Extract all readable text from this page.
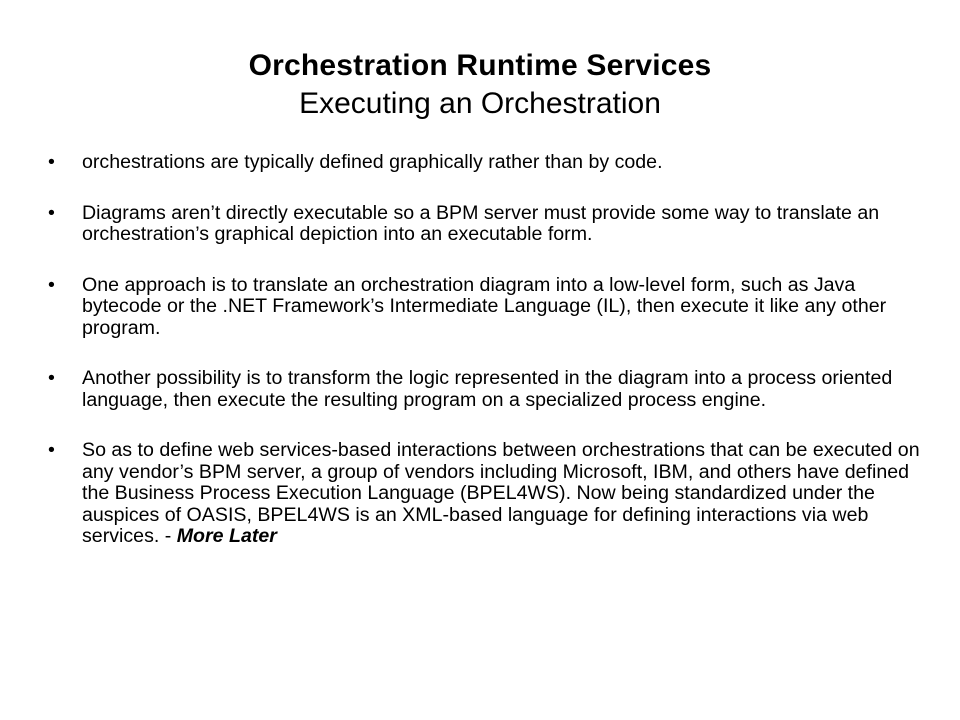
Orchestration Runtime Services
Executing an Orchestration
• orchestrations are typically defined graphically rather than by code.
• Diagrams aren’t directly executable so a BPM server must provide some way to translate an orchestration’s graphical depiction into an executable form.
• One approach is to translate an orchestration diagram into a low-level form, such as Java bytecode or the .NET Framework’s Intermediate Language (IL), then execute it like any other program.
• Another possibility is to transform the logic represented in the diagram into a process oriented language, then execute the resulting program on a specialized process engine.
• So as to define web services-based interactions between orchestrations that can be executed on any vendor’s BPM server, a group of vendors including Microsoft, IBM, and others have defined the Business Process Execution Language (BPEL4WS). Now being standardized under the auspices of OASIS, BPEL4WS is an XML-based language for defining interactions via web services. - More Later
